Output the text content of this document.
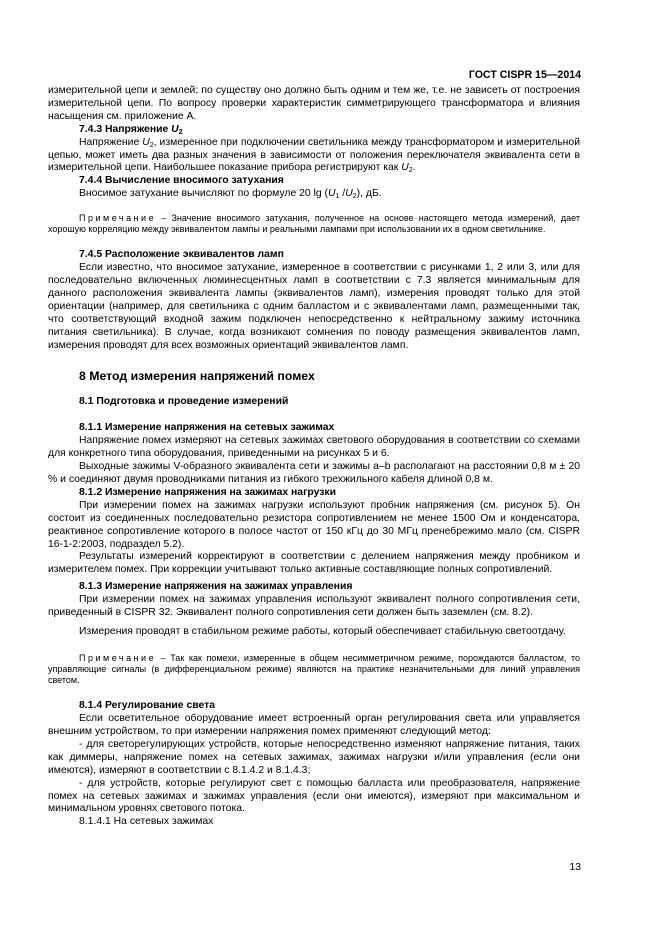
ГОСТ CISPR 15—2014

измерительной цепи и землей; по существу оно должно быть одним и тем же, т.е. не зависеть от построения измерительной цепи. По вопросу проверки характеристик симметрирующего трансформатора и влияния насыщения см. приложение А.

7.4.3 Напряжение $U_2$

Напряжение $U_2$, измеренное при подключении светильника между трансформатором и измерительной цепью, может иметь два разных значения в зависимости от положения переключателя эквивалента сети в измерительной цепи. Наибольшее показание прибора регистрируют как $U_2$.

7.4.4 Вычисление вносимого затухания

Вносимое затухание вычисляют по формуле 20 $\lg (U_1$ $/U_2$), дБ.

Примечание – Значение вносимого затухания, полученное на основе настоящего метода измерений, дает хорошую корреляцию между эквивалентом лампы и реальными лампами при использовании их в одном светильнике.

7.4.5 Расположение эквивалентов ламп

Если известно, что вносимое затухание, измеренное в соответствии с рисунками 1, 2 или 3, или для последовательно включенных люминесцентных ламп в соответствии с 7.3 является минимальным для данного расположения эквивалента лампы (эквивалентов ламп), измерения проводят только для этой ориентации (например, для светильника с одним балластом и с эквивалентами ламп, размещенными так, что соответствующий входной зажим подключен непосредственно к нейтральному зажиму источника питания светильника). В случае, когда возникают сомнения по поводу размещения эквивалентов ламп, измерения проводят для всех возможных ориентаций эквивалентов ламп.

8 Метод измерения напряжений помех

8.1 Подготовка и проведение измерений

8.1.1 Измерение напряжения на сетевых зажимах

Напряжение помех измеряют на сетевых зажимах светового оборудования в соответствии со схемами для конкретного типа оборудования, приведенными на рисунках 5 и 6.

Выходные зажимы V-образного эквивалента сети и зажимы a–b располагают на расстоянии 0,8 м ± 20 % и соединяют двумя проводниками питания из гибкого трехжильного кабеля длиной 0,8 м.

8.1.2 Измерение напряжения на зажимах нагрузки

При измерении помех на зажимах нагрузки используют пробник напряжения (см. рисунок 5). Он состоит из соединенных последовательно резистора сопротивлением не менее 1500 Ом и конденсатора, реактивное сопротивление которого в полосе частот от 150 кГц до 30 МГц пренебрежимо мало (см. CISPR 16-1-2:2003, подраздел 5.2).

Результаты измерений корректируют в соответствии с делением напряжения между пробником и измерителем помех. При коррекции учитывают только активные составляющие полных сопротивлений.

8.1.3 Измерение напряжения на зажимах управления

При измерении помех на зажимах управления используют эквивалент полного сопротивления сети, приведенный в CISPR 32. Эквивалент полного сопротивления сети должен быть заземлен (см. 8.2).

Измерения проводят в стабильном режиме работы, который обеспечивает стабильную светоотдачу.

Примечание – Так как помехи, измеренные в общем несимметричном режиме, порождаются балластом, то управляющие сигналы (в дифференциальном режиме) являются на практике незначительными для линий управления светом.

8.1.4 Регулирование света

Если осветительное оборудование имеет встроенный орган регулирования света или управляется внешним устройством, то при измерении напряжения помех применяют следующий метод:

- для светорегулирующих устройств, которые непосредственно изменяют напряжение питания, таких как диммеры, напряжение помех на сетевых зажимах, зажимах нагрузки и/или управления (если они имеются), измеряют в соответствии с 8.1.4.2 и 8.1.4.3;

- для устройств, которые регулируют свет с помощью балласта или преобразователя, напряжение помех на сетевых зажимах и зажимах управления (если они имеются), измеряют при максимальном и минимальном уровнях светового потока.

8.1.4.1 На сетевых зажимах

13
